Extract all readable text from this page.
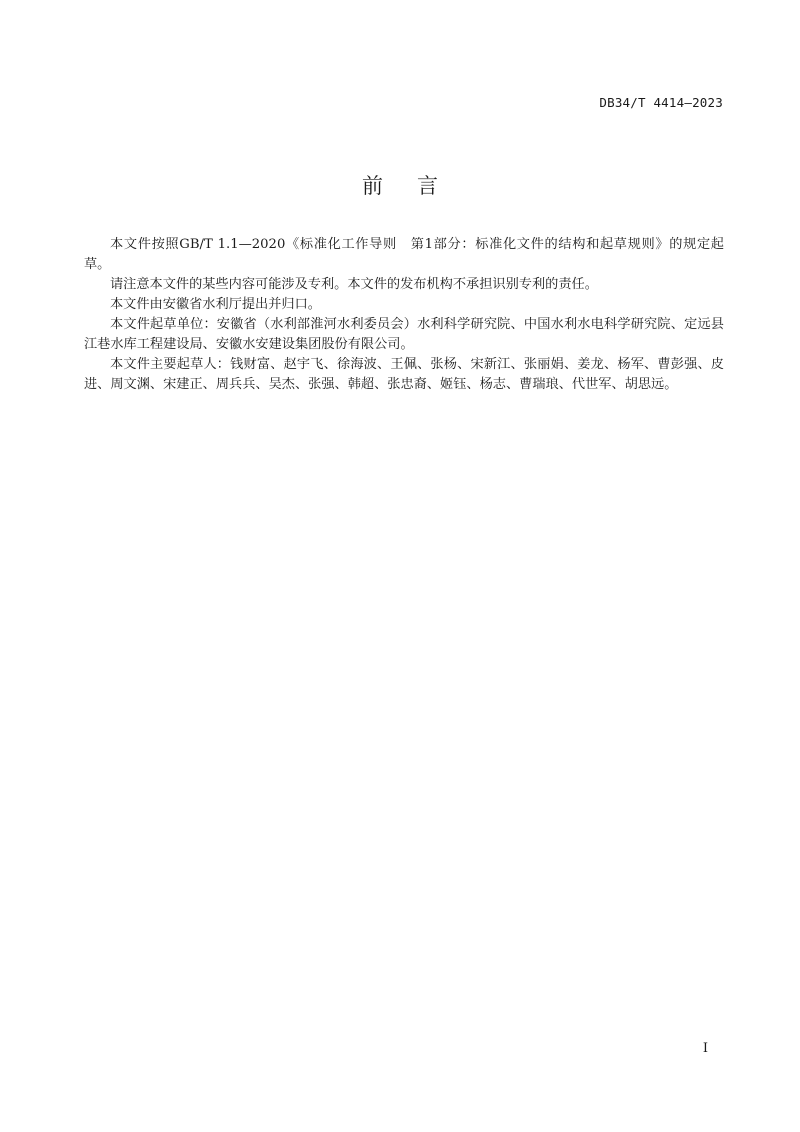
DB34/T 4414—2023
前言

本文件按照GB/T 1.1—2020《标准化工作导则　第1部分：标准化文件的结构和起草规则》的规定起草。

请注意本文件的某些内容可能涉及专利。本文件的发布机构不承担识别专利的责任。

本文件由安徽省水利厅提出并归口。

本文件起草单位：安徽省（水利部淮河水利委员会）水利科学研究院、中国水利水电科学研究院、定远县江巷水库工程建设局、安徽水安建设集团股份有限公司。

本文件主要起草人：钱财富、赵宇飞、徐海波、王佩、张杨、宋新江、张丽娟、姜龙、杨军、曹彭强、皮进、周文渊、宋建正、周兵兵、吴杰、张强、韩超、张忠裔、姬钰、杨志、曹瑞琅、代世军、胡思远。

I
